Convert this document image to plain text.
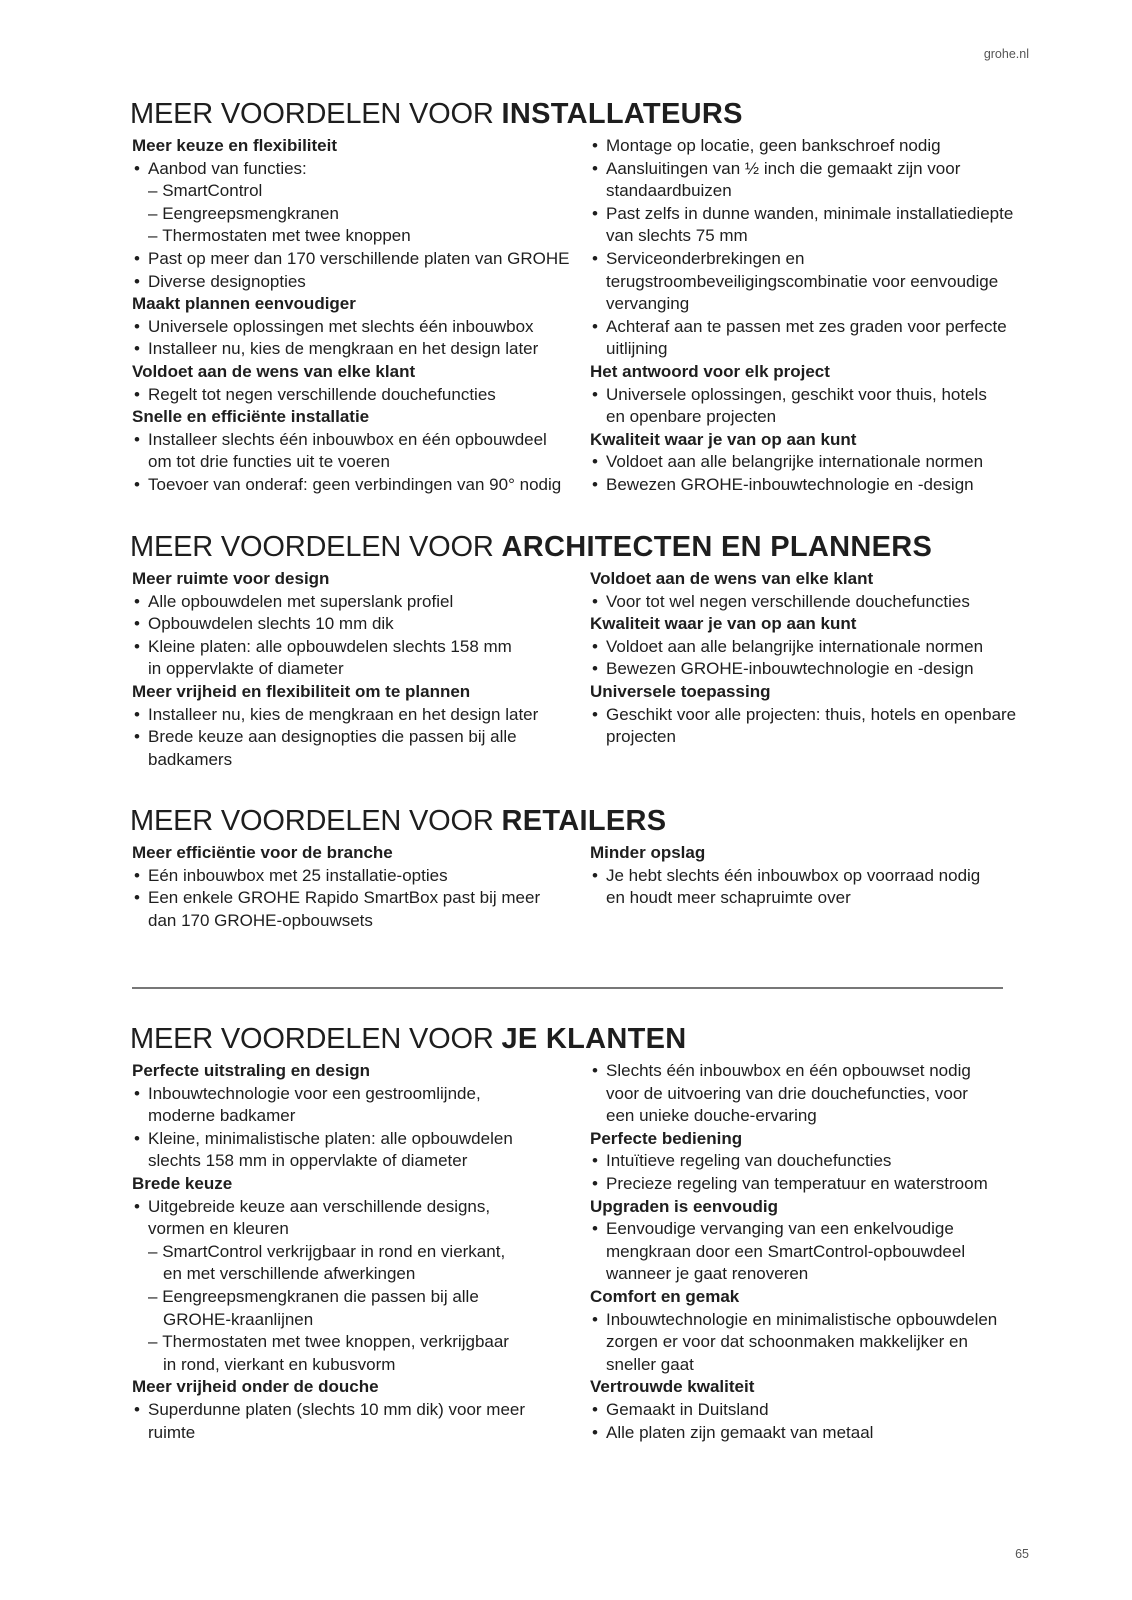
grohe.nl
MEER VOORDELEN VOOR INSTALLATEURS
Meer keuze en flexibiliteit
• Aanbod van functies:
– SmartControl
– Eengreepsmengkranen
– Thermostaten met twee knoppen
• Past op meer dan 170 verschillende platen van GROHE
• Diverse designopties
Maakt plannen eenvoudiger
• Universele oplossingen met slechts één inbouwbox
• Installeer nu, kies de mengkraan en het design later
Voldoet aan de wens van elke klant
• Regelt tot negen verschillende douchefuncties
Snelle en efficiënte installatie
• Installeer slechts één inbouwbox en één opbouwdeel
om tot drie functies uit te voeren
• Toevoer van onderaf: geen verbindingen van 90° nodig
• Montage op locatie, geen bankschroef nodig
• Aansluitingen van ½ inch die gemaakt zijn voor
standaardbuizen
• Past zelfs in dunne wanden, minimale installatiediepte
van slechts 75 mm
• Serviceonderbrekingen en
terugstroombeveiligingscombinatie voor eenvoudige
vervanging
• Achteraf aan te passen met zes graden voor perfecte
uitlijning
Het antwoord voor elk project
• Universele oplossingen, geschikt voor thuis, hotels
en openbare projecten
Kwaliteit waar je van op aan kunt
• Voldoet aan alle belangrijke internationale normen
• Bewezen GROHE-inbouwtechnologie en -design
MEER VOORDELEN VOOR ARCHITECTEN EN PLANNERS
Meer ruimte voor design
• Alle opbouwdelen met superslank profiel
• Opbouwdelen slechts 10 mm dik
• Kleine platen: alle opbouwdelen slechts 158 mm
in oppervlakte of diameter
Meer vrijheid en flexibiliteit om te plannen
• Installeer nu, kies de mengkraan en het design later
• Brede keuze aan designopties die passen bij alle
badkamers
Voldoet aan de wens van elke klant
• Voor tot wel negen verschillende douchefuncties
Kwaliteit waar je van op aan kunt
• Voldoet aan alle belangrijke internationale normen
• Bewezen GROHE-inbouwtechnologie en -design
Universele toepassing
• Geschikt voor alle projecten: thuis, hotels en openbare
projecten
MEER VOORDELEN VOOR RETAILERS
Meer efficiëntie voor de branche
• Eén inbouwbox met 25 installatie-opties
• Een enkele GROHE Rapido SmartBox past bij meer
dan 170 GROHE-opbouwsets
Minder opslag
• Je hebt slechts één inbouwbox op voorraad nodig
en houdt meer schapruimte over
MEER VOORDELEN VOOR JE KLANTEN
Perfecte uitstraling en design
• Inbouwtechnologie voor een gestroomlijnde,
moderne badkamer
• Kleine, minimalistische platen: alle opbouwdelen
slechts 158 mm in oppervlakte of diameter
Brede keuze
• Uitgebreide keuze aan verschillende designs,
vormen en kleuren
– SmartControl verkrijgbaar in rond en vierkant,
en met verschillende afwerkingen
– Eengreepsmengkranen die passen bij alle
GROHE-kraanlijnen
– Thermostaten met twee knoppen, verkrijgbaar
in rond, vierkant en kubusvorm
Meer vrijheid onder de douche
• Superdunne platen (slechts 10 mm dik) voor meer
ruimte
• Slechts één inbouwbox en één opbouwset nodig
voor de uitvoering van drie douchefuncties, voor
een unieke douche-ervaring
Perfecte bediening
• Intuïtieve regeling van douchefuncties
• Precieze regeling van temperatuur en waterstroom
Upgraden is eenvoudig
• Eenvoudige vervanging van een enkelvoudige
mengkraan door een SmartControl-opbouwdeel
wanneer je gaat renoveren
Comfort en gemak
• Inbouwtechnologie en minimalistische opbouwdelen
zorgen er voor dat schoonmaken makkelijker en
sneller gaat
Vertrouwde kwaliteit
• Gemaakt in Duitsland
• Alle platen zijn gemaakt van metaal
65
